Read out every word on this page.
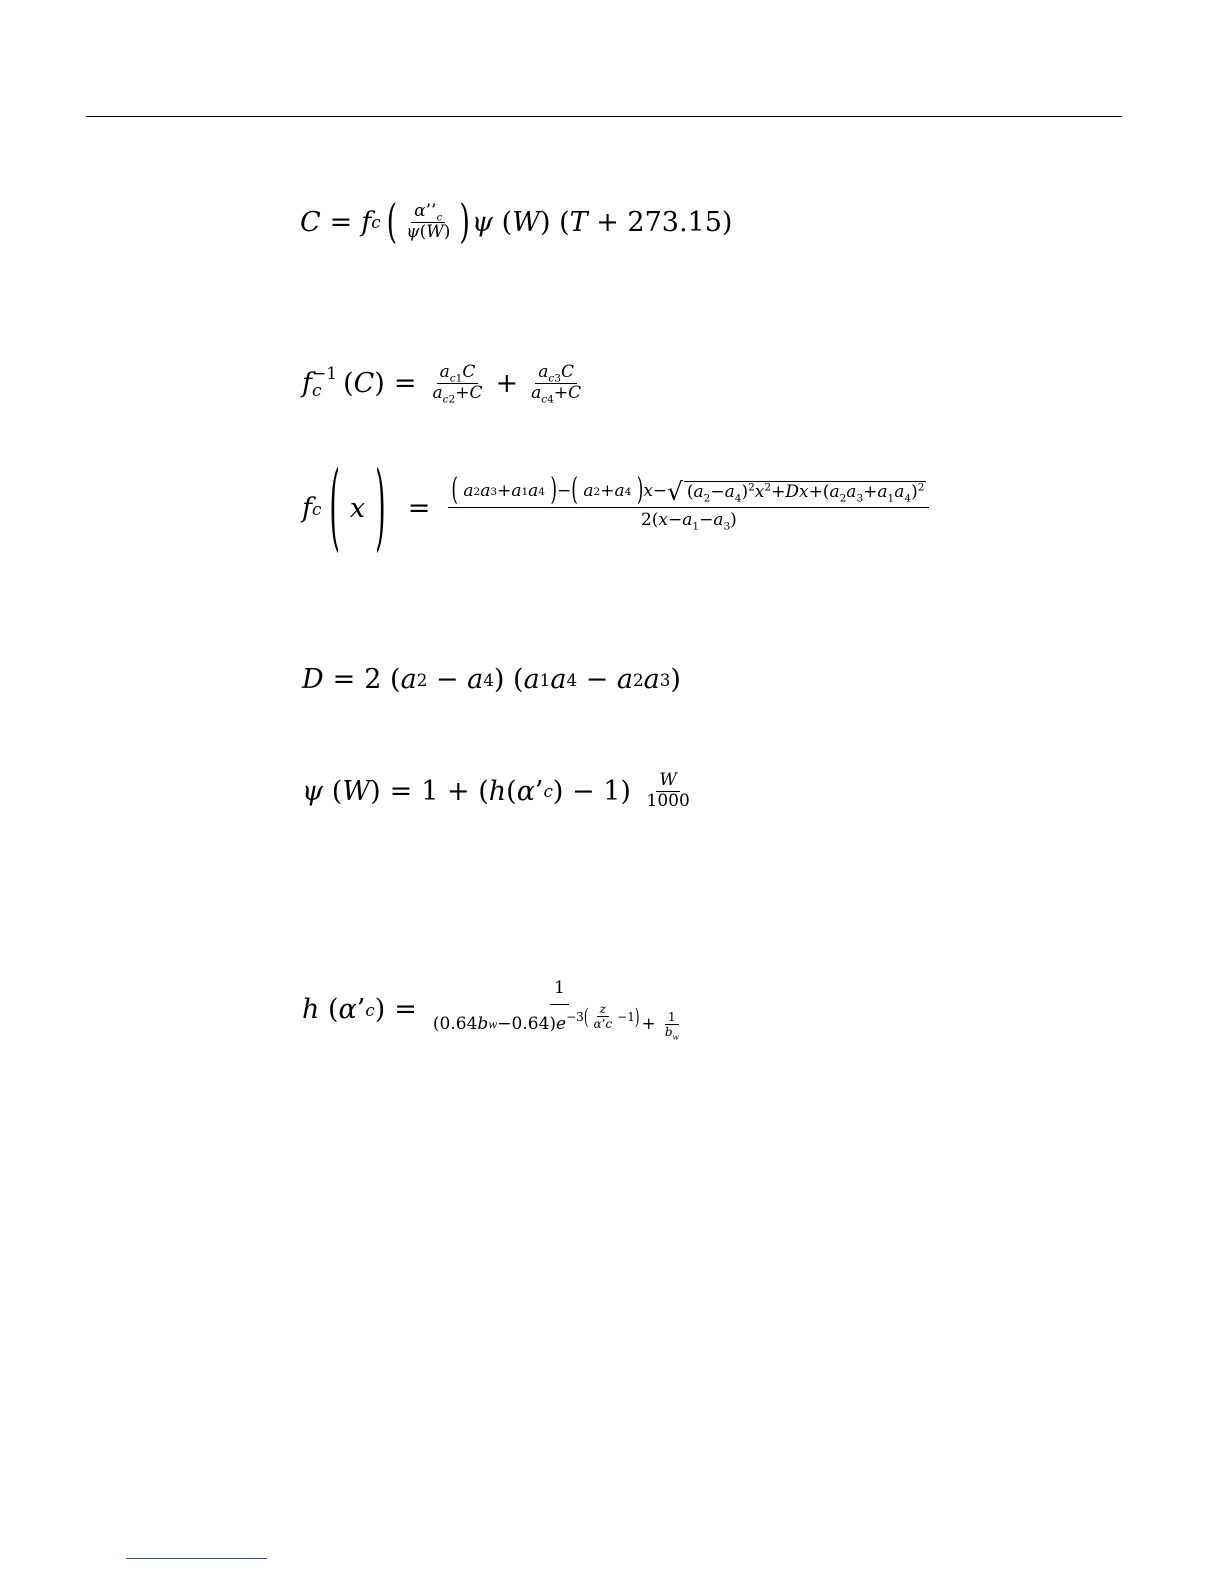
C = f c ( $\frac{\alpha’’_c}{\psi(W)}$ ) ψ ( W ) ( T + 273.15 )
f −1
c ( C ) = $\frac{a_{c1}C}{a_{c2}+C} + \frac{a_{c3}C}{a_{c4}+C}$
f c ( x ) =
(
a 2 a 3 + a 1 a 4
) − (
a 2 + a 4
) x − √ $(a_2-a_4)^2x^2+Dx+(a_2a_3+a_1a_4)^2$
$2(x-a_1-a_3)$
D = 2 ( a 2 − a 4 ) ( a 1 a 4 − a 2 a 3 )
ψ ( W ) = 1 + ( h ( α ’ c ) − $1) \frac{W}{1000}$
h ( α ’ c ) =
1
( 0.64 b w − 0.64 ) e −3 ( $\frac{z}{\alpha’c} -1$ ) + $\frac{1}{b_w}$
